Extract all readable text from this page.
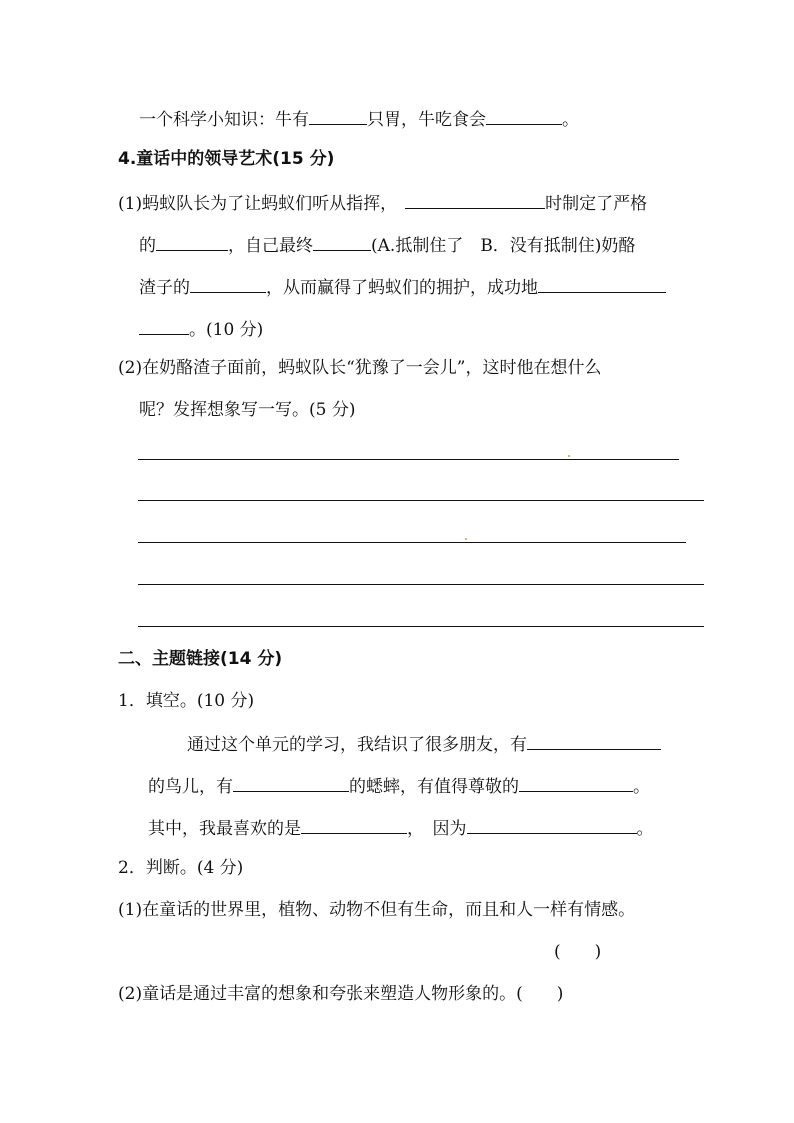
一个科学小知识：牛有	只胃，牛吃食会	。
4.童话中的领导艺术(15 分)
(1)蚂蚁队长为了让蚂蚁们听从指挥，	时制定了严格
的	，自己最终	(A.抵制住了　B．没有抵制住)奶酪
渣子的	，从而赢得了蚂蚁们的拥护，成功地
。(10 分)
(2)在奶酪渣子面前，蚂蚁队长“犹豫了一会儿”，这时他在想什么
呢？发挥想象写一写。(5 分)
二、主题链接(14 分)
1．填空。(10 分)
通过这个单元的学习，我结识了很多朋友，有
的鸟儿，有	的蟋蟀，有值得尊敬的	。
其中，我最喜欢的是	，　因为	。
2．判断。(4 分)
(1)在童话的世界里，植物、动物不但有生命，而且和人一样有情感。
(　　)
(2)童话是通过丰富的想象和夸张来塑造人物形象的。(　　)
